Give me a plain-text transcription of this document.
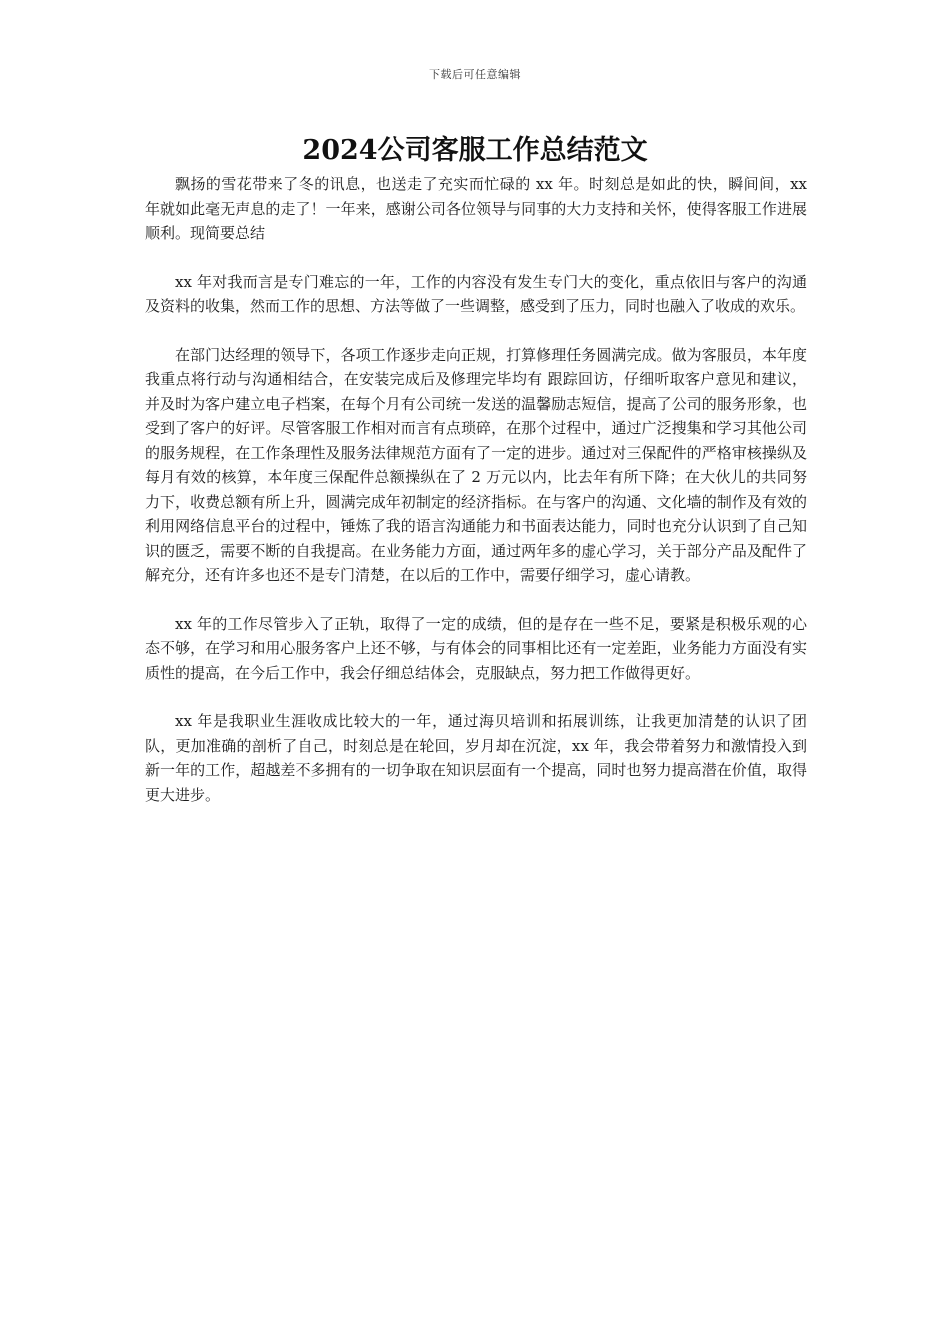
下载后可任意编辑
2024公司客服工作总结范文

飘扬的雪花带来了冬的讯息，也送走了充实而忙碌的 xx 年。时刻总是如此的快，瞬间间，xx 年就如此毫无声息的走了！一年来，感谢公司各位领导与同事的大力支持和关怀，使得客服工作进展顺利。现简要总结

xx 年对我而言是专门难忘的一年，工作的内容没有发生专门大的变化，重点依旧与客户的沟通及资料的收集，然而工作的思想、方法等做了一些调整，感受到了压力，同时也融入了收成的欢乐。

在部门达经理的领导下，各项工作逐步走向正规，打算修理任务圆满完成。做为客服员，本年度我重点将行动与沟通相结合，在安装完成后及修理完毕均有 跟踪回访，仔细听取客户意见和建议，并及时为客户建立电子档案，在每个月有公司统一发送的温馨励志短信，提高了公司的服务形象，也受到了客户的好评。尽管客服工作相对而言有点琐碎，在那个过程中，通过广泛搜集和学习其他公司的服务规程，在工作条理性及服务法律规范方面有了一定的进步。通过对三保配件的严格审核操纵及每月有效的核算，本年度三保配件总额操纵在了 2 万元以内，比去年有所下降；在大伙儿的共同努力下，收费总额有所上升，圆满完成年初制定的经济指标。在与客户的沟通、文化墙的制作及有效的利用网络信息平台的过程中，锤炼了我的语言沟通能力和书面表达能力，同时也充分认识到了自己知识的匮乏，需要不断的自我提高。在业务能力方面，通过两年多的虚心学习，关于部分产品及配件了解充分，还有许多也还不是专门清楚，在以后的工作中，需要仔细学习，虚心请教。

xx 年的工作尽管步入了正轨，取得了一定的成绩，但的是存在一些不足，要紧是积极乐观的心态不够，在学习和用心服务客户上还不够，与有体会的同事相比还有一定差距，业务能力方面没有实质性的提高，在今后工作中，我会仔细总结体会，克服缺点，努力把工作做得更好。

xx 年是我职业生涯收成比较大的一年，通过海贝培训和拓展训练，让我更加清楚的认识了团队，更加准确的剖析了自己，时刻总是在轮回，岁月却在沉淀，xx 年，我会带着努力和激情投入到新一年的工作，超越差不多拥有的一切争取在知识层面有一个提高，同时也努力提高潜在价值，取得更大进步。
